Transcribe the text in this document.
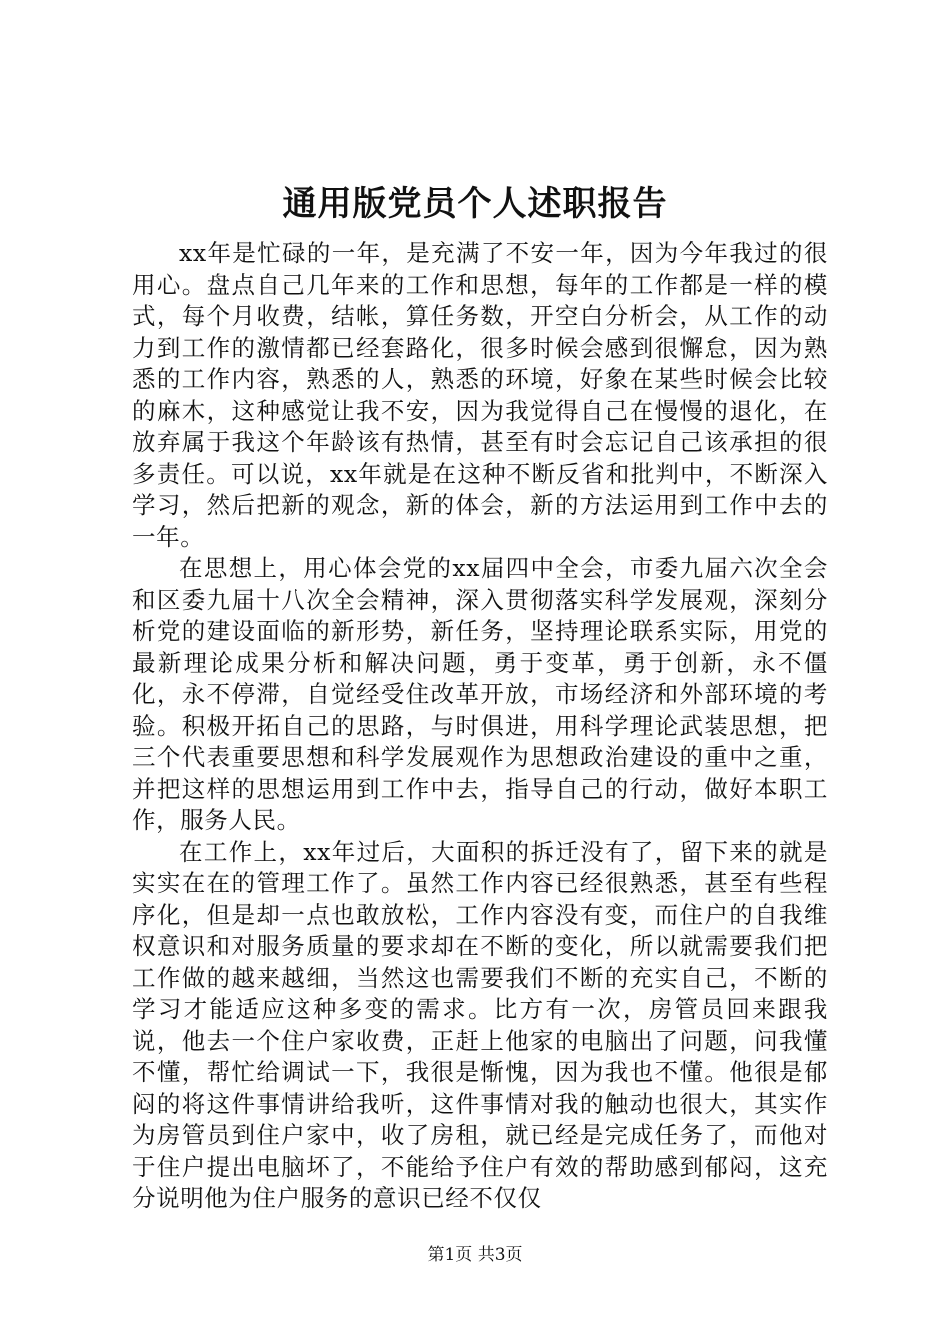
通用版党员个人述职报告

xx年是忙碌的一年，是充满了不安一年，因为今年我过的很用心。盘点自己几年来的工作和思想，每年的工作都是一样的模式，每个月收费，结帐，算任务数，开空白分析会，从工作的动力到工作的激情都已经套路化，很多时候会感到很懈怠，因为熟悉的工作内容，熟悉的人，熟悉的环境，好象在某些时候会比较的麻木，这种感觉让我不安，因为我觉得自己在慢慢的退化，在放弃属于我这个年龄该有热情，甚至有时会忘记自己该承担的很多责任。可以说，xx年就是在这种不断反省和批判中，不断深入学习，然后把新的观念，新的体会，新的方法运用到工作中去的一年。

在思想上，用心体会党的xx届四中全会，市委九届六次全会和区委九届十八次全会精神，深入贯彻落实科学发展观，深刻分析党的建设面临的新形势，新任务，坚持理论联系实际，用党的最新理论成果分析和解决问题，勇于变革，勇于创新，永不僵化，永不停滞，自觉经受住改革开放，市场经济和外部环境的考验。积极开拓自己的思路，与时俱进，用科学理论武装思想，把三个代表重要思想和科学发展观作为思想政治建设的重中之重，并把这样的思想运用到工作中去，指导自己的行动，做好本职工作，服务人民。

在工作上，xx年过后，大面积的拆迁没有了，留下来的就是实实在在的管理工作了。虽然工作内容已经很熟悉，甚至有些程序化，但是却一点也敢放松，工作内容没有变，而住户的自我维权意识和对服务质量的要求却在不断的变化，所以就需要我们把工作做的越来越细，当然这也需要我们不断的充实自己，不断的学习才能适应这种多变的需求。比方有一次，房管员回来跟我说，他去一个住户家收费，正赶上他家的电脑出了问题，问我懂不懂，帮忙给调试一下，我很是惭愧，因为我也不懂。他很是郁闷的将这件事情讲给我听，这件事情对我的触动也很大，其实作为房管员到住户家中，收了房租，就已经是完成任务了，而他对于住户提出电脑坏了，不能给予住户有效的帮助感到郁闷，这充分说明他为住户服务的意识已经不仅仅

第1页 共3页
